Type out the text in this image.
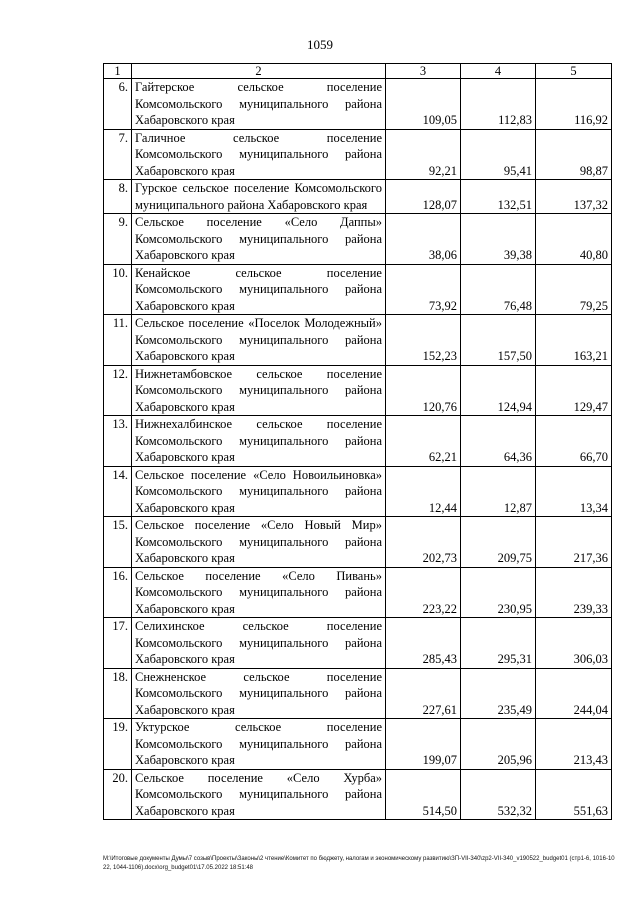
1059
1	2	3	4	5
6.	Гайтерское сельское поселение Комсомольского муниципального района Хабаровского края	109,05	112,83	116,92
7.	Галичное сельское поселение Комсомольского муниципального района Хабаровского края	92,21	95,41	98,87
8.	Гурское сельское поселение Комсомольского муниципального района Хабаровского края	128,07	132,51	137,32
9.	Сельское поселение «Село Даппы» Комсомольского муниципального района Хабаровского края	38,06	39,38	40,80
10.	Кенайское сельское поселение Комсомольского муниципального района Хабаровского края	73,92	76,48	79,25
11.	Сельское поселение «Поселок Молодежный» Комсомольского муниципального района Хабаровского края	152,23	157,50	163,21
12.	Нижнетамбовское сельское поселение Комсомольского муниципального района Хабаровского края	120,76	124,94	129,47
13.	Нижнехалбинское сельское поселение Комсомольского муниципального района Хабаровского края	62,21	64,36	66,70
14.	Сельское поселение «Село Новоильиновка» Комсомольского муниципального района Хабаровского края	12,44	12,87	13,34
15.	Сельское поселение «Село Новый Мир» Комсомольского муниципального района Хабаровского края	202,73	209,75	217,36
16.	Сельское поселение «Село Пивань» Комсомольского муниципального района Хабаровского края	223,22	230,95	239,33
17.	Селихинское сельское поселение Комсомольского муниципального района Хабаровского края	285,43	295,31	306,03
18.	Снежненское сельское поселение Комсомольского муниципального района Хабаровского края	227,61	235,49	244,04
19.	Уктурское сельское поселение Комсомольского муниципального района Хабаровского края	199,07	205,96	213,43
20.	Сельское поселение «Село Хурба» Комсомольского муниципального района Хабаровского края	514,50	532,32	551,63
M:\Итоговые документы Думы\7 созыв\Проекты\Законы\2 чтение\Комитет по бюджету, налогам и экономическому развитию\ЗП-VII-340\zp2-VII-340_v190522_budget01 (стр1-6, 1016-1022, 1044-1106).docx\org_budget01\17.05.2022 18:51:48
